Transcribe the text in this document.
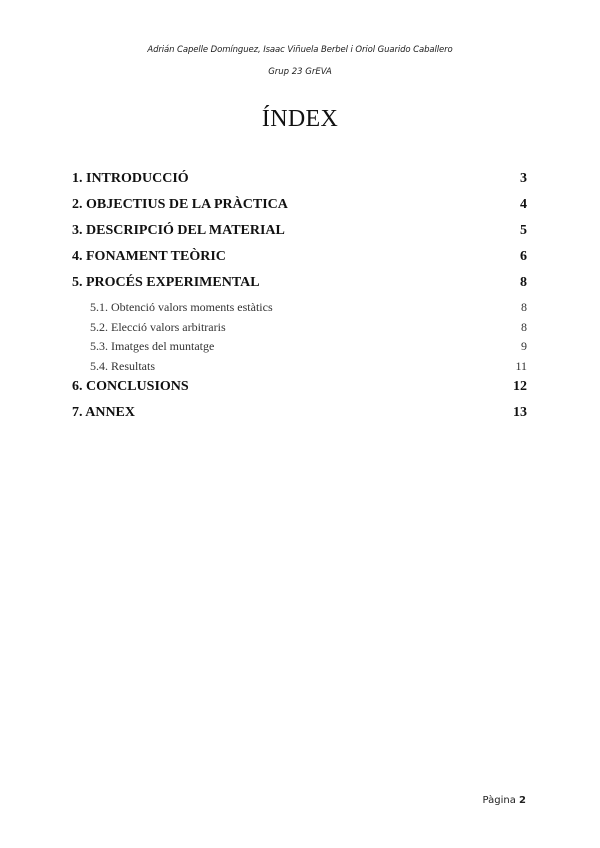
Adrián Capelle Domínguez, Isaac Viñuela Berbel i Oriol Guarido Caballero
Grup 23 GrEVA
ÍNDEX
1. INTRODUCCIÓ	3
2. OBJECTIUS DE LA PRÀCTICA	4
3. DESCRIPCIÓ DEL MATERIAL	5
4. FONAMENT TEÒRIC	6
5. PROCÉS EXPERIMENTAL	8
5.1. Obtenció valors moments estàtics	8
5.2. Elecció valors arbitraris	8
5.3. Imatges del muntatge	9
5.4. Resultats	11
6. CONCLUSIONS	12
7. ANNEX	13
Pàgina 2
